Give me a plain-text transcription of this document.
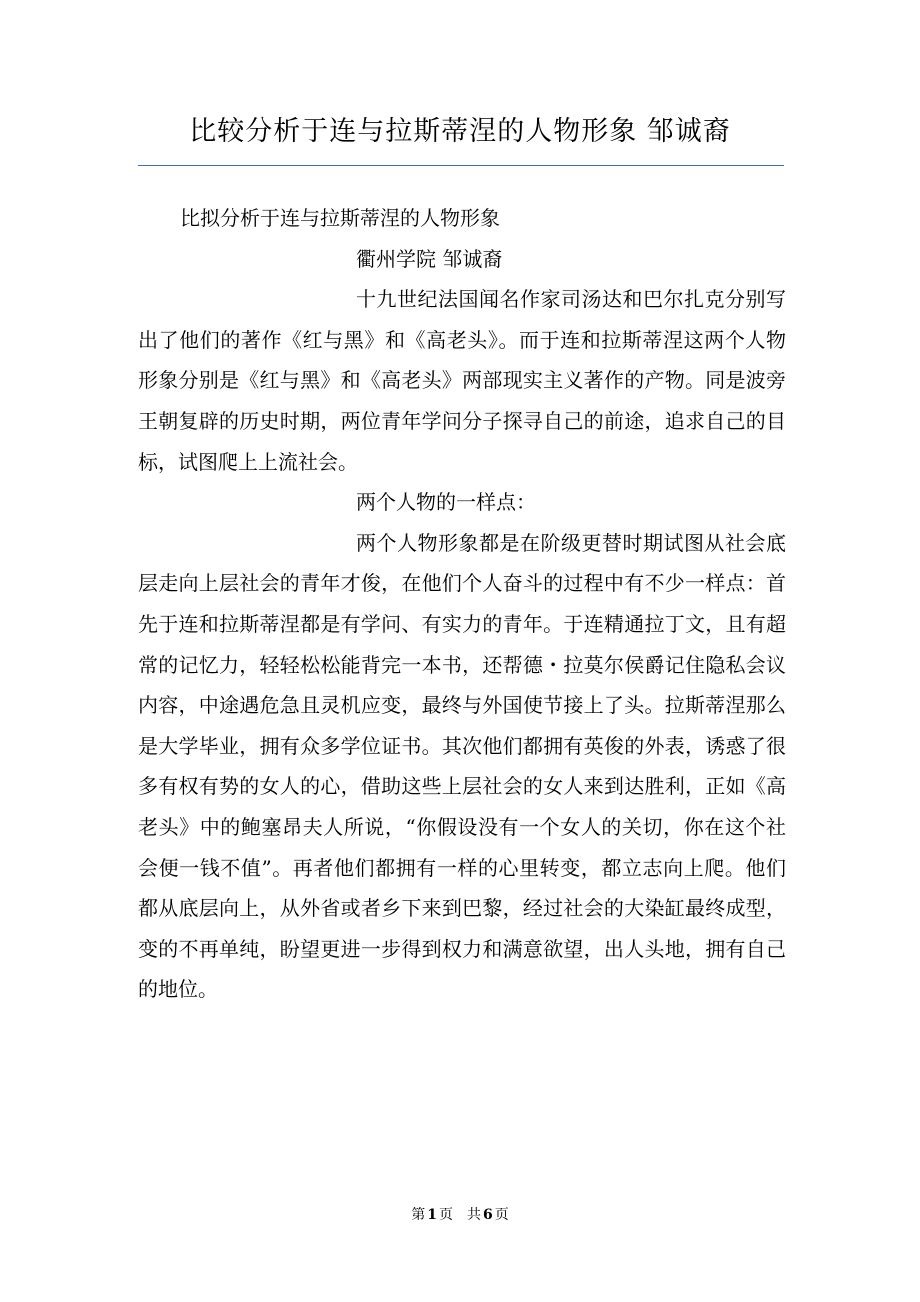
比较分析于连与拉斯蒂涅的人物形象 邹诚裔

比拟分析于连与拉斯蒂涅的人物形象

衢州学院 邹诚裔

十九世纪法国闻名作家司汤达和巴尔扎克分别写出了他们的著作《红与黑》和《高老头》。而于连和拉斯蒂涅这两个人物形象分别是《红与黑》和《高老头》两部现实主义著作的产物。同是波旁王朝复辟的历史时期，两位青年学问分子探寻自己的前途，追求自己的目标，试图爬上上流社会。

两个人物的一样点：

两个人物形象都是在阶级更替时期试图从社会底层走向上层社会的青年才俊，在他们个人奋斗的过程中有不少一样点：首先于连和拉斯蒂涅都是有学问、有实力的青年。于连精通拉丁文，且有超常的记忆力，轻轻松松能背完一本书，还帮德・拉莫尔侯爵记住隐私会议内容，中途遇危急且灵机应变，最终与外国使节接上了头。拉斯蒂涅那么是大学毕业，拥有众多学位证书。其次他们都拥有英俊的外表，诱惑了很多有权有势的女人的心，借助这些上层社会的女人来到达胜利，正如《高老头》中的鲍塞昂夫人所说，“你假设没有一个女人的关切，你在这个社会便一钱不值”。再者他们都拥有一样的心里转变，都立志向上爬。他们都从底层向上，从外省或者乡下来到巴黎，经过社会的大染缸最终成型，变的不再单纯，盼望更进一步得到权力和满意欲望，出人头地，拥有自己的地位。

第 1 页 共 6 页
